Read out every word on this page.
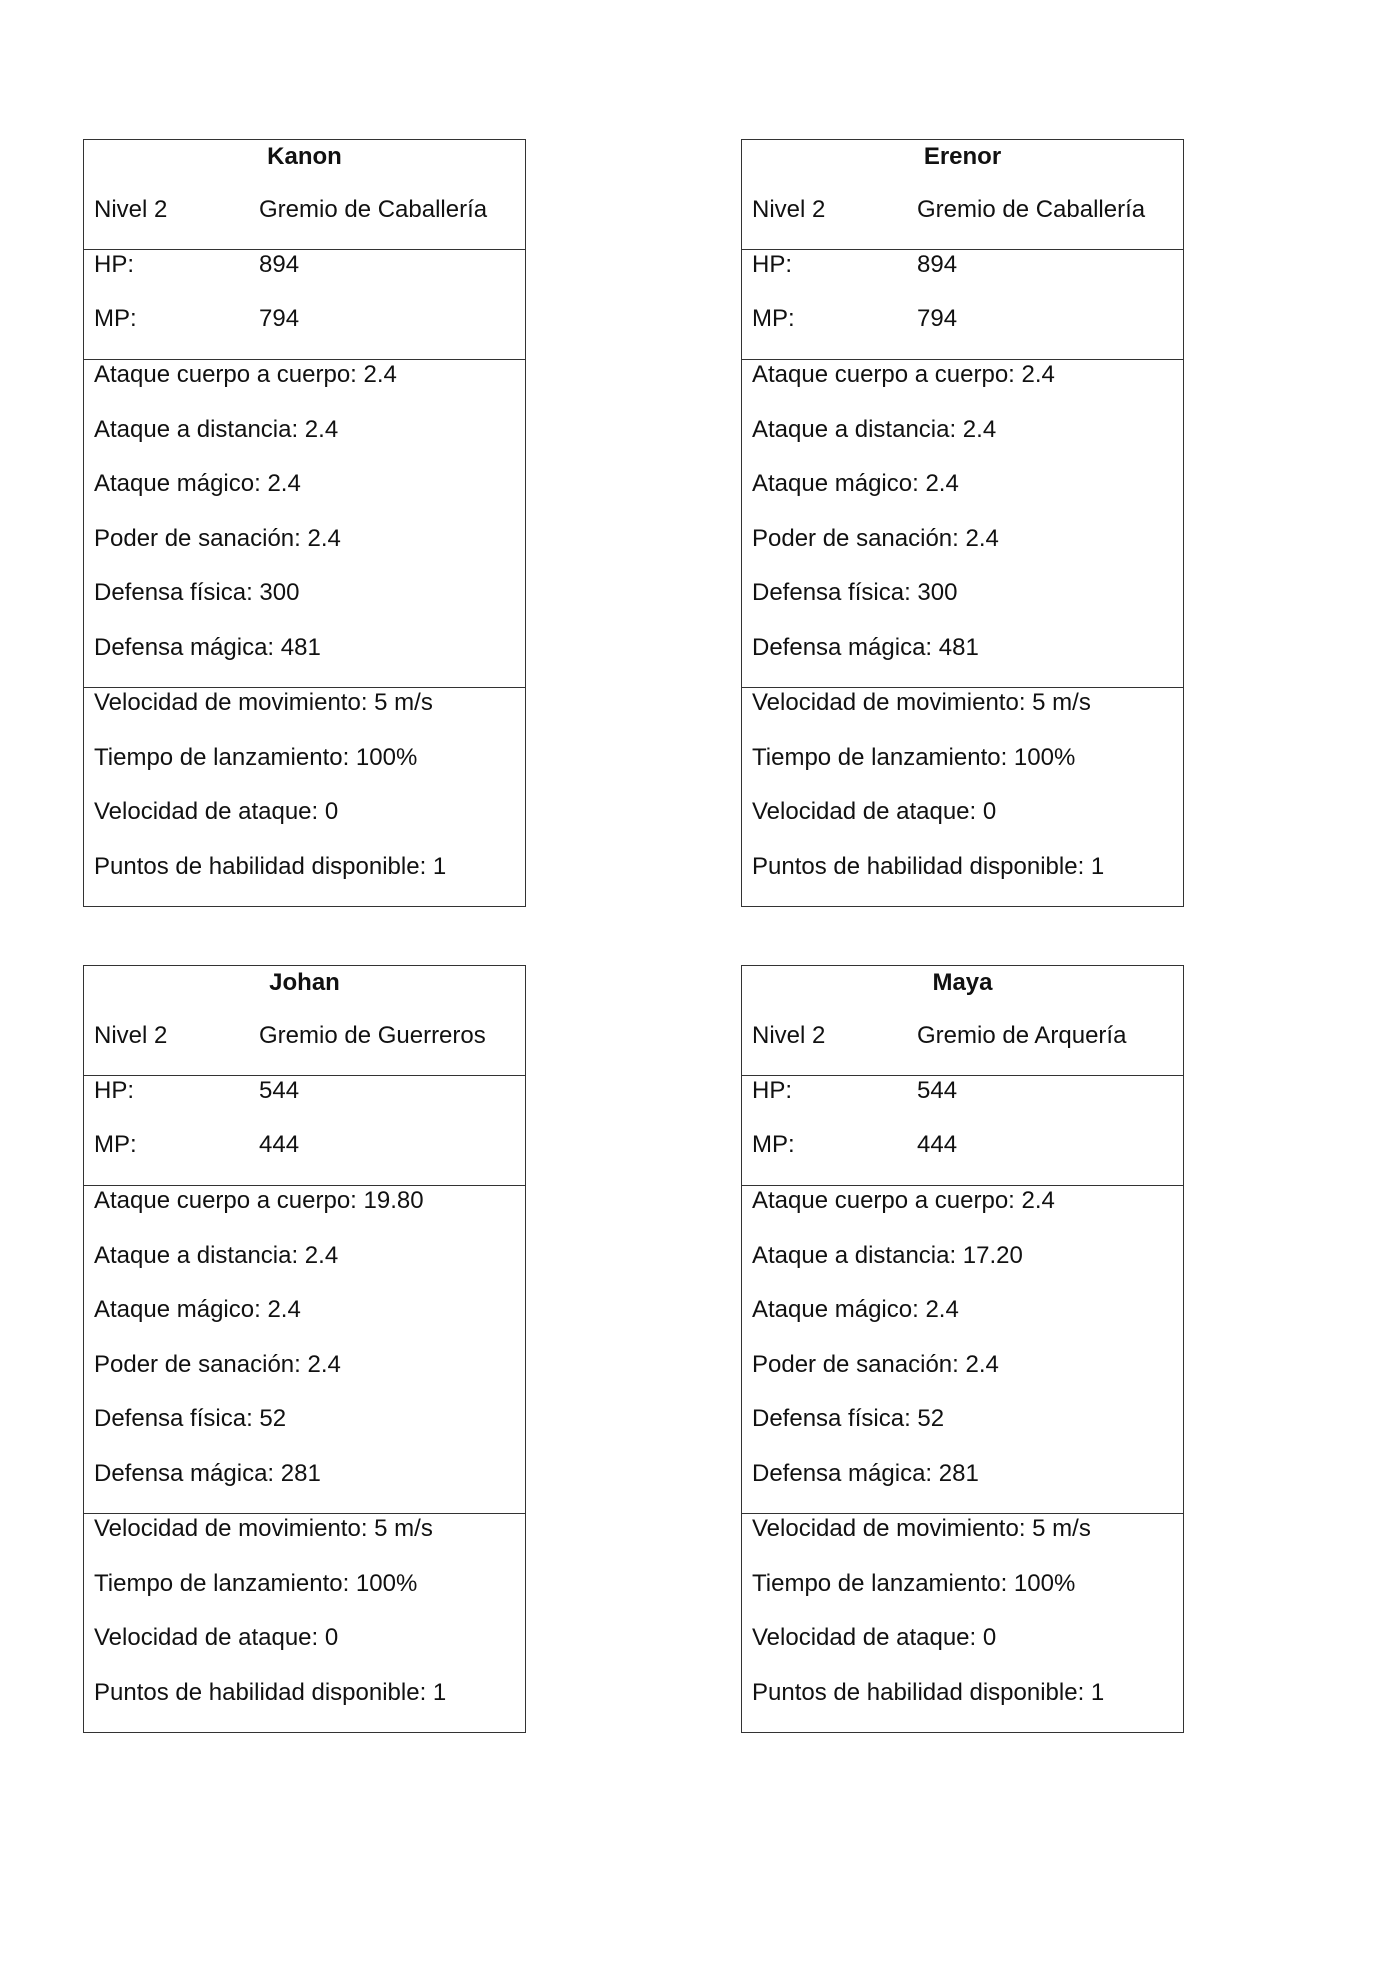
Kanon
Nivel 2	Gremio de Caballería
HP:	894
MP:	794
Ataque cuerpo a cuerpo: 2.4
Ataque a distancia: 2.4
Ataque mágico: 2.4
Poder de sanación: 2.4
Defensa física: 300
Defensa mágica: 481
Velocidad de movimiento: 5 m/s
Tiempo de lanzamiento: 100%
Velocidad de ataque: 0
Puntos de habilidad disponible: 1
Erenor
Nivel 2	Gremio de Caballería
HP:	894
MP:	794
Ataque cuerpo a cuerpo: 2.4
Ataque a distancia: 2.4
Ataque mágico: 2.4
Poder de sanación: 2.4
Defensa física: 300
Defensa mágica: 481
Velocidad de movimiento: 5 m/s
Tiempo de lanzamiento: 100%
Velocidad de ataque: 0
Puntos de habilidad disponible: 1
Johan
Nivel 2	Gremio de Guerreros
HP:	544
MP:	444
Ataque cuerpo a cuerpo: 19.80
Ataque a distancia: 2.4
Ataque mágico: 2.4
Poder de sanación: 2.4
Defensa física: 52
Defensa mágica: 281
Velocidad de movimiento: 5 m/s
Tiempo de lanzamiento: 100%
Velocidad de ataque: 0
Puntos de habilidad disponible: 1
Maya
Nivel 2	Gremio de Arquería
HP:	544
MP:	444
Ataque cuerpo a cuerpo: 2.4
Ataque a distancia: 17.20
Ataque mágico: 2.4
Poder de sanación: 2.4
Defensa física: 52
Defensa mágica: 281
Velocidad de movimiento: 5 m/s
Tiempo de lanzamiento: 100%
Velocidad de ataque: 0
Puntos de habilidad disponible: 1
